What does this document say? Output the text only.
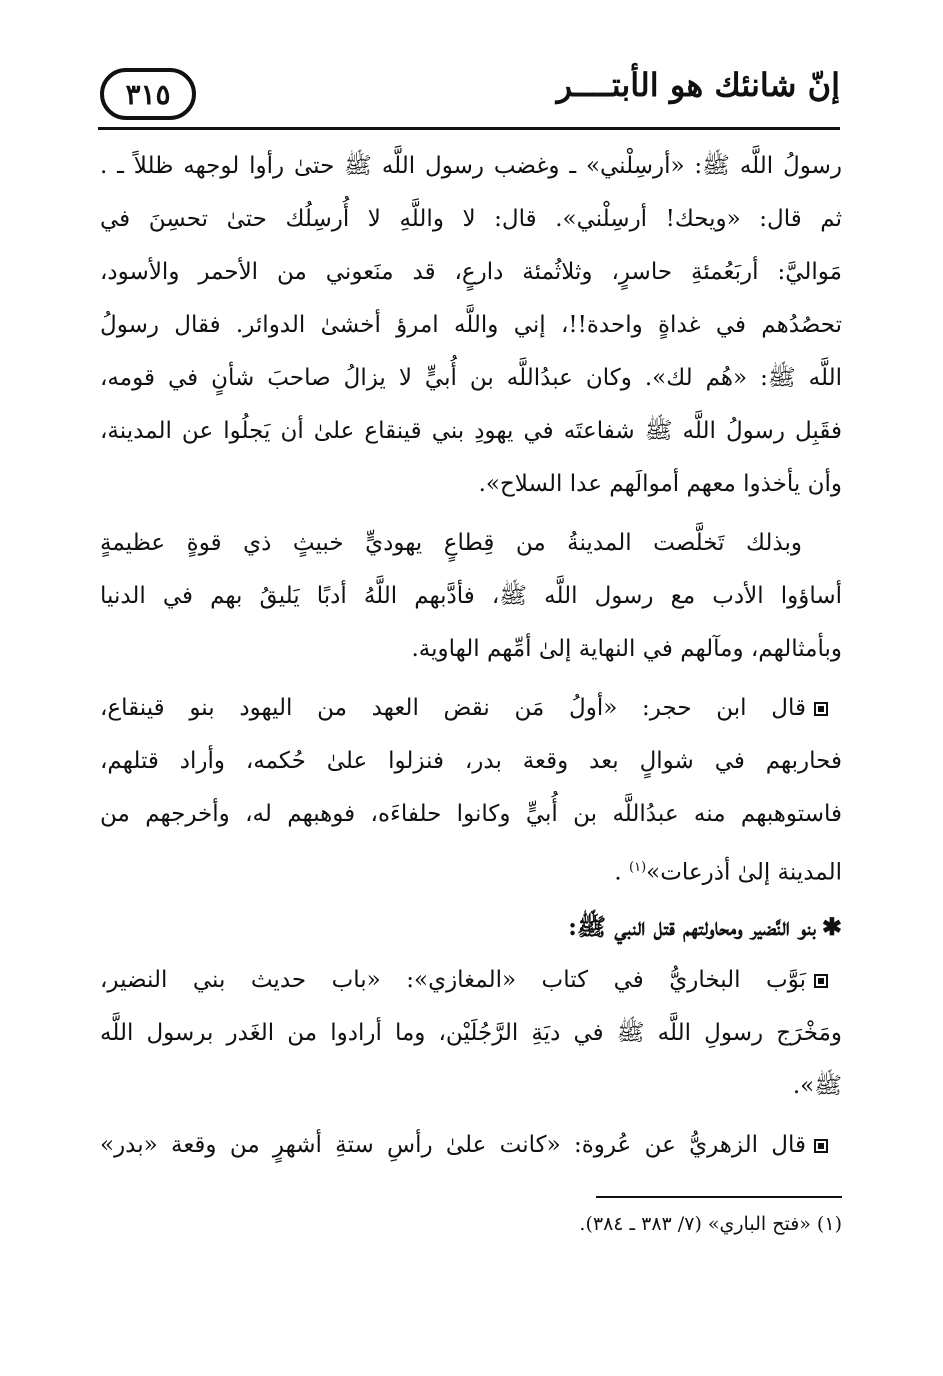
إنّ شانئك هو الأبتــــر
٣١٥
رسولُ اللَّه ﷺ: «أرسِلْني» ـ وغضب رسول اللَّه ﷺ حتىٰ رأوا لوجهه ظللاً ـ .
ثم قال: «ويحك! أرسِلْني». قال: لا واللَّهِ لا أُرسِلُك حتىٰ تحسِنَ في
مَواليَّ: أربَعُمئةِ حاسرٍ، وثلاثُمئة دارعٍ، قد منَعوني من الأحمر والأسود،
تحصُدُهم في غداةٍ واحدة!!، إني واللَّه امرؤ أخشىٰ الدوائر. فقال رسولُ
اللَّه ﷺ: «هُم لك». وكان عبدُاللَّه بن أُبيٍّ لا يزالُ صاحبَ شأنٍ في قومه،
فقَبِل رسولُ اللَّه ﷺ شفاعتَه في يهودِ بني قينقاع علىٰ أن يَجلُوا عن المدينة،
وأن يأخذوا معهم أموالَهم عدا السلاح».
وبذلك تَخلَّصت المدينةُ من قِطاعٍ يهوديٍّ خبيثٍ ذي قوةٍ عظيمةٍ
أساؤوا الأدب مع رسول اللَّه ﷺ، فأدَّبهم اللَّهُ أدبًا يَليقُ بهم في الدنيا
وبأمثالهم، ومآلهم في النهاية إلىٰ أمِّهم الهاوية.
قال ابن حجر: «أولُ مَن نقض العهد من اليهود بنو قينقاع،
فحاربهم في شوالٍ بعد وقعة بدر، فنزلوا علىٰ حُكمه، وأراد قتلهم،
فاستوهبهم منه عبدُاللَّه بن أُبيٍّ وكانوا حلفاءَه، فوهبهم له، وأخرجهم من
المدينة إلىٰ أذرعات»$^{(١)}$ .
✱بنو النَّضير ومحاولتهم قتل النبي ﷺ:
بَوَّب البخاريُّ في كتاب «المغازي»: «باب حديث بني النضير،
ومَخْرَج رسولِ اللَّه ﷺ في ديَةِ الرَّجُلَيْن، وما أرادوا من الغَدر برسول اللَّه
ﷺ».
قال الزهريُّ عن عُروة: «كانت علىٰ رأسِ ستةِ أشهرٍ من وقعة «بدر»
(١) «فتح الباري» (٧/ ٣٨٣ ـ ٣٨٤).
